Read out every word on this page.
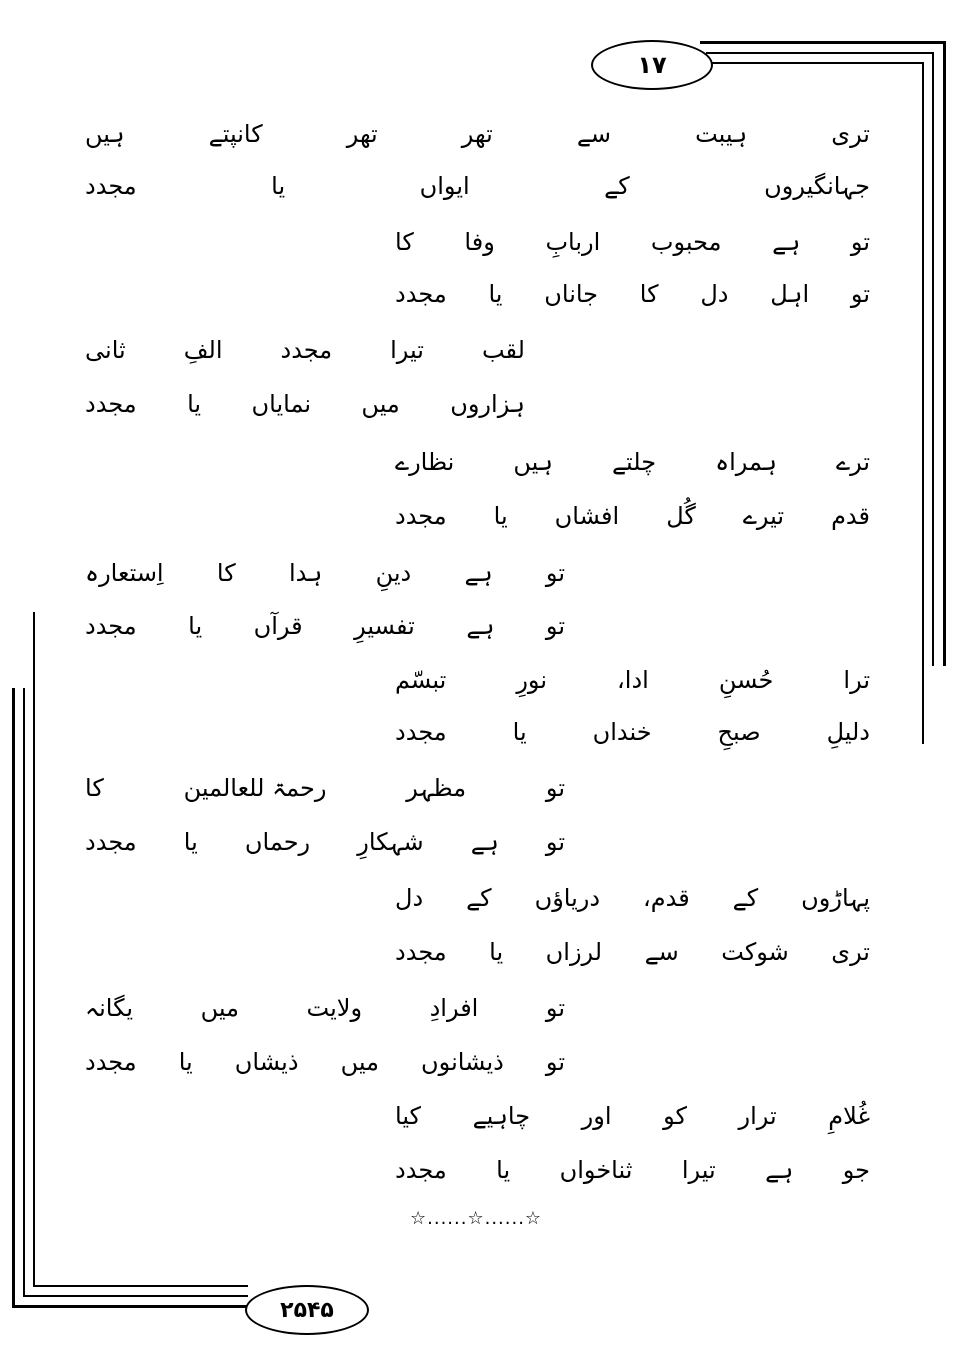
۱۷
۲۵۴۵
تری
ہیبت
سے
تھر
تھر
کانپتے
ہیں
جہانگیروں
کے
ایواں
یا
مجدد
تو
ہے
محبوب
اربابِ
وفا
کا
تو
اہل
دل
کا
جاناں
یا
مجدد
لقب
تیرا
مجدد
الفِ
ثانی
ہزاروں
میں
نمایاں
یا
مجدد
ترے
ہمراہ
چلتے
ہیں
نظارے
قدم
تیرے
گُل
افشاں
یا
مجدد
تو
ہے
دینِ
ہدا
کا
اِستعارہ
تو
ہے
تفسیرِ
قرآں
یا
مجدد
ترا
حُسنِ
ادا،
نورِ
تبسّم
دلیلِ
صبحِ
خنداں
یا
مجدد
تو
مظہر
رحمۃ للعالمین
کا
تو
ہے
شہکارِ
رحماں
یا
مجدد
پہاڑوں
کے
قدم،
دریاؤں
کے
دل
تری
شوکت
سے
لرزاں
یا
مجدد
تو
افرادِ
ولایت
میں
یگانہ
تو
ذیشانوں
میں
ذیشاں
یا
مجدد
غُلامِ
ترار
کو
اور
چاہیے
کیا
جو
ہے
تیرا
ثناخواں
یا
مجدد
☆......☆......☆
